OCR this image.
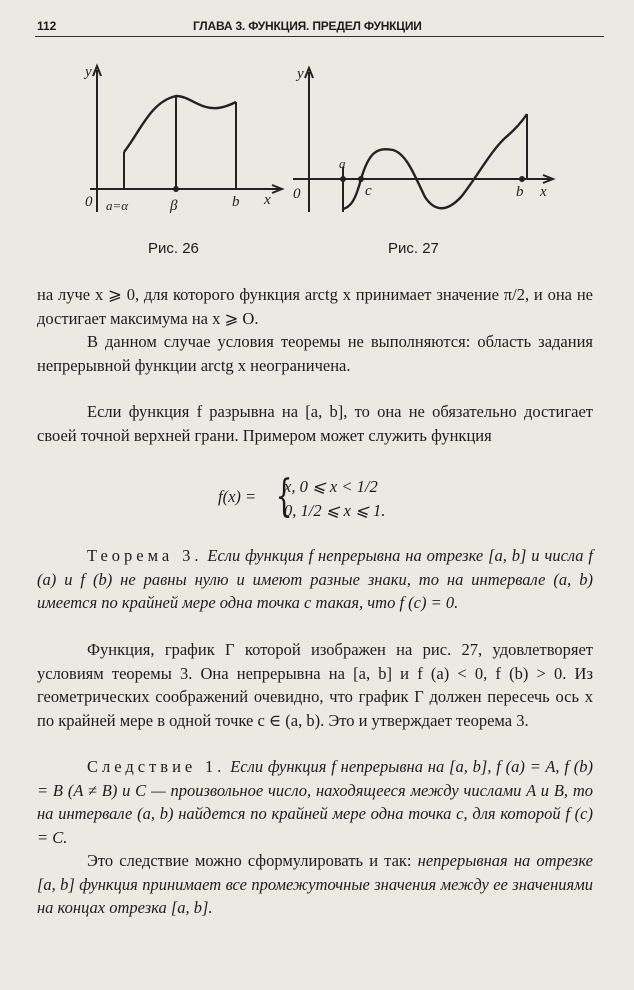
112	ГЛАВА 3. ФУНКЦИЯ. ПРЕДЕЛ ФУНКЦИИ
y
x
0 a=α	β	b
Рис. 26
y
x
0
a
c	b
Рис. 27

на луче x ⩾ 0, для которого функция arctg x принимает значение π/2, и она не достигает максимума на x ⩾ O.

В данном случае условия теоремы не выполняются: область задания непрерывной функции arctg x неограничена.

Если функция f разрывна на [a, b], то она не обязательно достигает своей точной верхней грани. Примером может служить функция

f(x) = {
x, 0 ⩽ x < 1/2
0, 1/2 ⩽ x ⩽ 1.

Теорема 3. Если функция f непрерывна на отрезке [a, b] и числа f (a) и f (b) не равны нулю и имеют разные знаки, то на интервале (a, b) имеется по крайней мере одна точка c такая, что f (c) = 0.

Функция, график Г которой изображен на рис. 27, удовлетворяет условиям теоремы 3. Она непрерывна на [a, b] и f (a) < 0, f (b) > 0. Из геометрических соображений очевидно, что график Г должен пересечь ось x по крайней мере в одной точке c ∈ (a, b). Это и утверждает теорема 3.

Следствие 1. Если функция f непрерывна на [a, b], f (a) = A, f (b) = B (A ≠ B) и C — произвольное число, находящееся между числами A и B, то на интервале (a, b) найдется по крайней мере одна точка c, для которой f (c) = C.

Это следствие можно сформулировать и так: непрерывная на отрезке [a, b] функция принимает все промежуточные значения между ее значениями на концах отрезка [a, b].
